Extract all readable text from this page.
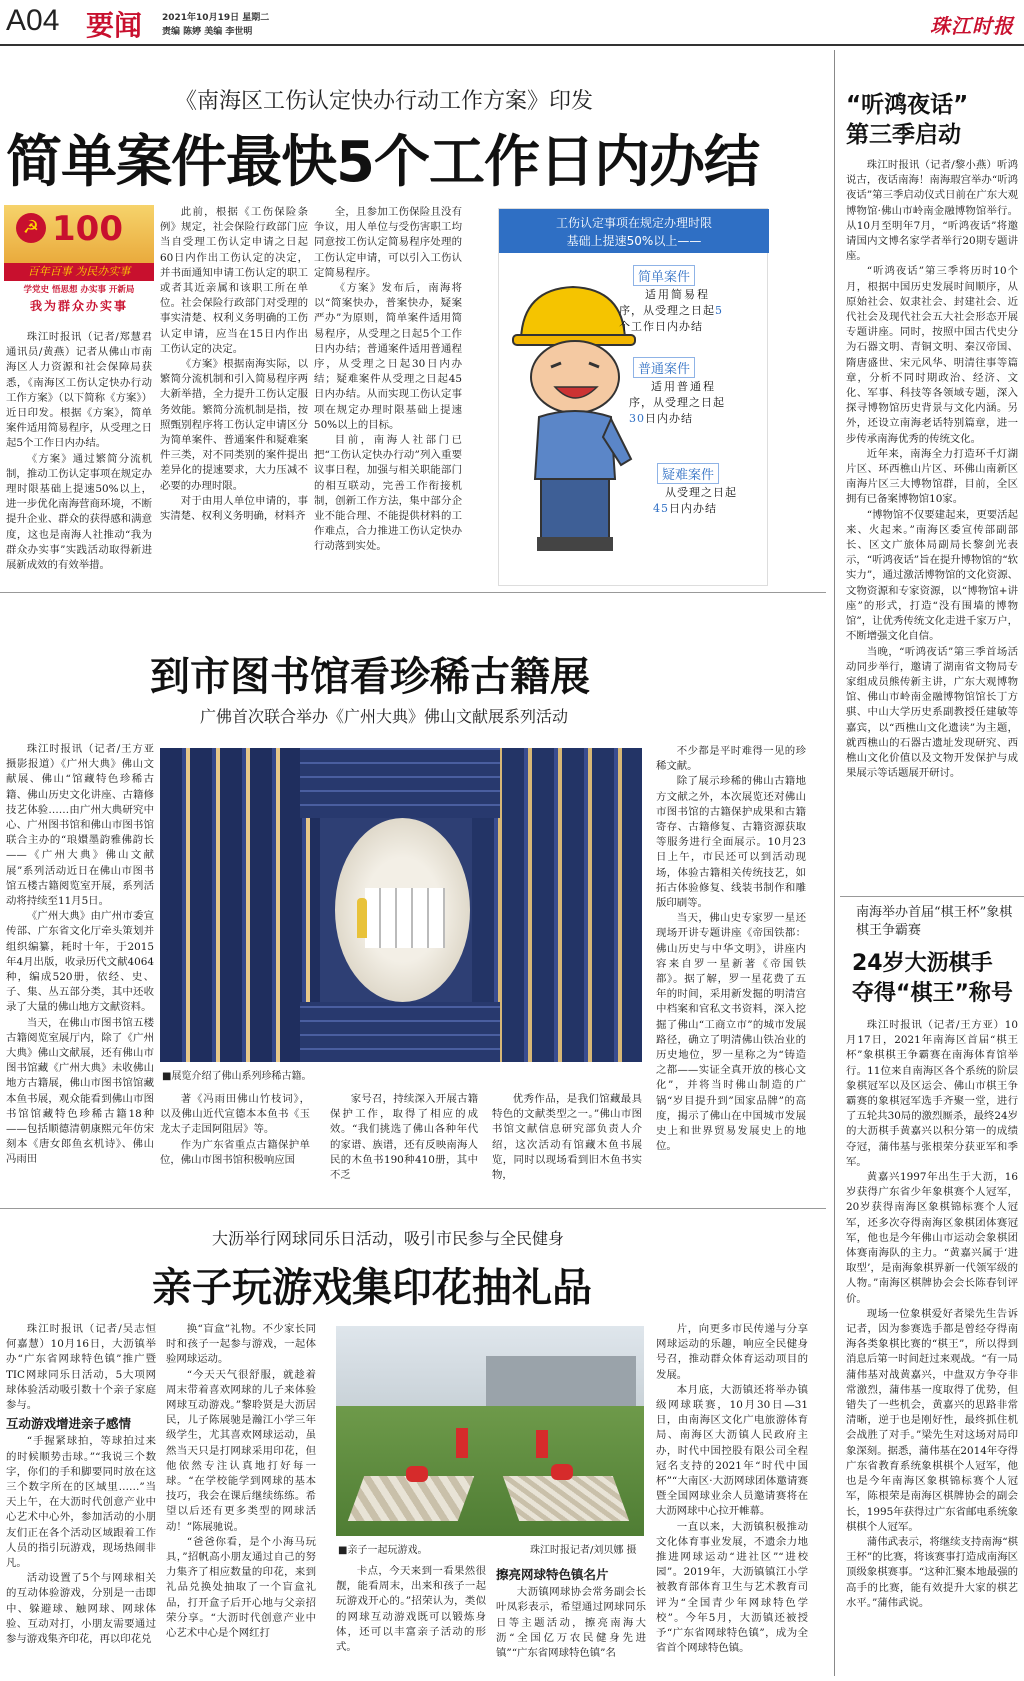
A04 要闻 2021年10月19日 星期二
责编 陈婷 美编 李世明	珠江时报
《南海区工伤认定快办行动工作方案》印发
简单案件最快5个工作日内办结
☭ 100
百年百事 为民办实事
学党史 悟思想 办实事 开新局
我为群众办实事

珠江时报讯（记者/郑慧君 通讯员/黄燕）记者从佛山市南海区人力资源和社会保障局获悉，《南海区工伤认定快办行动工作方案》（以下简称《方案》）近日印发。根据《方案》，简单案件适用简易程序，从受理之日起5个工作日内办结。

《方案》通过繁简分流机制，推动工伤认定事项在规定办理时限基础上提速50%以上，进一步优化南海营商环境，不断提升企业、群众的获得感和满意度，这也是南海人社推动“我为群众办实事”实践活动取得新进展新成效的有效举措。

此前，根据《工伤保险条例》规定，社会保险行政部门应当自受理工伤认定申请之日起60日内作出工伤认定的决定，并书面通知申请工伤认定的职工或者其近亲属和该职工所在单位。社会保险行政部门对受理的事实清楚、权利义务明确的工伤认定申请，应当在15日内作出工伤认定的决定。

《方案》根据南海实际，以繁简分流机制和引入简易程序两大新举措，全力提升工伤认定服务效能。繁简分流机制是指，按照甄别程序将工伤认定申请区分为简单案件、普通案件和疑难案件三类，对不同类别的案件提出差异化的提速要求，大力压减不必要的办理时限。

对于由用人单位申请的，事实清楚、权利义务明确，材料齐

全，且参加工伤保险且没有争议，用人单位与受伤害职工均同意按工伤认定简易程序处理的工伤认定申请，可以引入工伤认定简易程序。

《方案》发布后，南海将以“简案快办，普案快办，疑案严办”为原则，简单案件适用简易程序，从受理之日起5个工作日内办结；普通案件适用普通程序，从受理之日起30日内办结；疑难案件从受理之日起45日内办结。从而实现工伤认定事项在规定办理时限基础上提速50%以上的目标。

目前，南海人社部门已把“工伤认定快办行动”列入重要议事日程，加强与相关职能部门的相互联动，完善工作衔接机制，创新工作方法，集中部分企业不能合理、不能提供材料的工作难点，合力推进工伤认定快办行动落到实处。

工伤认定事项在规定办理时限
基础上提速50%以上——
简单案件
适用简易程
序，从受理之日起5
个工作日内办结
普通案件
适用普通程
序，从受理之日起
30日内办结
疑难案件
从受理之日起
45日内办结
到市图书馆看珍稀古籍展
广佛首次联合举办《广州大典》佛山文献展系列活动

珠江时报讯（记者/王方亚 摄影报道）《广州大典》佛山文献展、佛山“馆藏特色珍稀古籍、佛山历史文化讲座、古籍修技艺体验……由广州大典研究中心、广州图书馆和佛山市图书馆联合主办的“琅嬛墨韵雅佛韵长——《广州大典》佛山文献展”系列活动近日在佛山市图书馆五楼古籍阅览室开展，系列活动将持续至11月5日。

《广州大典》由广州市委宣传部、广东省文化厅牵头策划并组织编纂，耗时十年，于2015年4月出版，收录历代文献4064种，编成520册，依经、史、子、集、丛五部分类，其中还收录了大量的佛山地方文献资料。

当天，在佛山市图书馆五楼古籍阅览室展厅内，除了《广州大典》佛山文献展，还有佛山市图书馆藏《广州大典》未收佛山地方古籍展，佛山市图书馆馆藏本鱼书展，观众能看到佛山市图书馆馆藏特色珍稀古籍18种——包括顺德清朝康熙元年仿宋刻本《唐女郎鱼玄机诗》、佛山冯雨田

■展览介绍了佛山系列珍稀古籍。

著《冯雨田佛山竹枝词》，以及佛山近代宣德本本鱼书《玉龙太子走国阿阻居》等。

作为广东省重点古籍保护单位，佛山市图书馆积极响应国

家号召，持续深入开展古籍保护工作，取得了相应的成效。“我们挑选了佛山各种年代的家谱、族谱，还有反映南海人民的木鱼书190种410册，其中不乏

优秀作品，是我们馆藏最具特色的文献类型之一。”佛山市图书馆文献信息研究部负责人介绍，这次活动有馆藏木鱼书展览，同时以现场看到旧木鱼书实物，

不少都是平时难得一见的珍稀文献。

除了展示珍稀的佛山古籍地方文献之外，本次展览还对佛山市图书馆的古籍保护成果和古籍寄存、古籍修复、古籍资源获取等服务进行全面展示。10月23日上午，市民还可以到活动现场，体验古籍相关传统技艺，如拓古体验修复、线装书制作和雕版印刷等。

当天，佛山史专家罗一星还现场开讲专题讲座《帝国铁都：佛山历史与中华文明》，讲座内容来自罗一星新著《帝国铁都》。据了解，罗一星花费了五年的时间，采用新发掘的明清宫中档案和官私文书资料，深入挖掘了佛山“工商立市”的城市发展路径，确立了明清佛山铁冶业的历史地位，罗一星称之为“铸造之都——实证全真开放的核心文化”，并将当时佛山制造的广锅“岁目提升到”国家品牌”的高度，揭示了佛山在中国城市发展史上和世界贸易发展史上的地位。

大沥举行网球同乐日活动，吸引市民参与全民健身
亲子玩游戏集印花抽礼品

珠江时报讯（记者/吴志恒 何嘉慧）10月16日，大沥镇举办“广东省网球特色镇”推广暨TIC网球同乐日活动，5大项网球体验活动吸引数十个亲子家庭参与。

互动游戏增进亲子感情

“手握紧球拍，等球拍过来的时候顺势击球。”“我说三个数字，你们的手和脚要同时放在这三个数字所在的区域里……”当天上午，在大沥时代创意产业中心艺术中心外，参加活动的小朋友们正在各个活动区域跟着工作人员的指引玩游戏，现场热闹非凡。

活动设置了5个与网球相关的互动体验游戏，分别是一击即中、躲避球、触网球、网球体验、互动对打，小朋友需要通过参与游戏集齐印花，再以印花兑

换“盲盒”礼物。不少家长同时和孩子一起参与游戏，一起体验网球运动。

“今天天气很舒服，就趁着周末带着喜欢网球的儿子来体验网球互动游戏。”黎聆贤是大沥居民，儿子陈展驰是瀚江小学三年级学生，尤其喜欢网球运动，虽然当天只是打网球采用印花，但他依然专注认真地打好每一球。“在学校能学到网球的基本技巧，我会在课后继续练练。希望以后还有更多类型的网球活动！”陈展驰说。

“爸爸你看，是个小海马玩具，”招帆高小朋友通过自己的努力集齐了相应数量的印花，来到礼品兑换处抽取了一个盲盒礼品，打开盒子后开心地与父亲招荣分享。“大沥时代创意产业中心艺术中心是个网红打

■亲子一起玩游戏。	珠江时报记者/刘贝娜 摄

卡点，今天来到一看果然很靓，能看周末，出来和孩子一起玩游戏开心的。”招荣认为，类似的网球互动游戏既可以锻炼身体，还可以丰富亲子活动的形式。

擦亮网球特色镇名片

大沥镇网球协会常务副会长叶凤彩表示，希望通过网球同乐日等主题活动，擦亮南海大沥“全国亿万农民健身先进镇”“广东省网球特色镇”名

片，向更多市民传递与分享网球运动的乐趣，响应全民健身号召，推动群众体育运动项目的发展。

本月底，大沥镇还将举办镇级网球联赛，10月30日—31日，由南海区文化广电旅游体育局、南海区大沥镇人民政府主办，时代中国控股有限公司全程冠名支持的2021年“时代中国杯”“大南区·大沥网球团体邀请赛暨全国网球业余人员邀请赛将在大沥网球中心拉开帷幕。

一直以来，大沥镇积极推动文化体育事业发展，不遗余力地推进网球运动“进社区”“进校园”。2019年，大沥镇镇江小学被教育部体育卫生与艺术教育司评为“全国青少年网球特色学校”。今年5月，大沥镇还被授予“广东省网球特色镇”，成为全省首个网球特色镇。

“听鸿夜话”
第三季启动

珠江时报讯（记者/黎小燕）听鸿说古，夜话南海！南海瑕宫举办“听鸿夜话”第三季启动仪式日前在广东大观博物馆·佛山市岭南金融博物馆举行。从10月至明年7月，“听鸿夜话”将邀请国内文博名家学者举行20期专题讲座。

“听鸿夜话”第三季将历时10个月，根据中国历史发展时间顺序，从原始社会、奴隶社会、封建社会、近代社会及现代社会五大社会形态开展专题讲座。同时，按照中国古代史分为石器文明、青铜文明、秦汉帝国、隋唐盛世、宋元风华、明清往事等篇章，分析不同时期政治、经济、文化、军事、科技等各领域专题，深入探寻博物馆历史背景与文化内涵。另外，还设立南海老话特别篇章，进一步传承南海优秀的传统文化。

近年来，南海全力打造环千灯湖片区、环西樵山片区、环佛山南新区南海片区三大博物馆群，目前，全区拥有已备案博物馆10家。

“博物馆不仅要建起来，更要活起来、火起来。”南海区委宣传部副部长、区文广旅体局副局长黎剑光表示，“听鸿夜话”旨在提升博物馆的“软实力”，通过激活博物馆的文化资源、文物资源和专家资源，以“博物馆+讲座”的形式，打造“没有围墙的博物馆”，让优秀传统文化走进千家万户，不断增强文化自信。

当晚，“听鸿夜话”第三季首场活动同步举行，邀请了湖南省文物局专家组成员熊传新主讲，广东大观博物馆、佛山市岭南金融博物馆馆长丁方骐、中山大学历史系副教授任建敏等嘉宾，以“西樵山文化遗读”为主题，就西樵山的石器古遗址发现研究、西樵山文化价值以及文物开发保护与成果展示等话题展开研讨。

南海举办首届“棋王杯”象棋棋王争霸赛
24岁大沥棋手
夺得“棋王”称号

珠江时报讯（记者/王方亚）10月17日，2021年南海区首届“棋王杯”象棋棋王争霸赛在南海体育馆举行。11位来自南海区各个系统的阶层象棋冠军以及区运会、佛山市棋王争霸赛的象棋冠军选手齐聚一堂，进行了五轮共30局的激烈厮杀，最终24岁的大沥棋手黄嘉兴以积分第一的成绩夺冠，蒲伟基与张根荣分获亚军和季军。

黄嘉兴1997年出生于大沥，16岁获得广东省少年象棋赛个人冠军，20岁获得南海区象棋锦标赛个人冠军，还多次夺得南海区象棋团体赛冠军，他也是今年佛山市运动会象棋团体赛南海队的主力。“黄嘉兴属于‘进取型’，是南海象棋界新一代领军级的人物。”南海区棋牌协会会长陈春钊评价。

现场一位象棋爱好者梁先生告诉记者，因为参赛选手都是曾经夺得南海各类象棋比赛的“棋王”，所以得到消息后第一时间赶过来观战。“有一局蒲伟基对战黄嘉兴，中盘双方争夺非常激烈，蒲伟基一度取得了优势，但错失了一些机会，黄嘉兴的思路非常清晰，逆于也是刚好性，最终抓住机会战胜了对手。”梁先生对这场对局印象深刻。据悉，蒲伟基在2014年夺得广东省教育系统象棋棋个人冠军，他也是今年南海区象棋锦标赛个人冠军，陈根荣是南海区棋牌协会的副会长，1995年获得过广东省邮电系统象棋棋个人冠军。

蒲伟武表示，将继续支持南海“棋王杯”的比赛，将该赛事打造成南海区顶级象棋赛事。“这种汇聚本地最强的高手的比赛，能有效提升大家的棋艺水平。”蒲伟武说。
